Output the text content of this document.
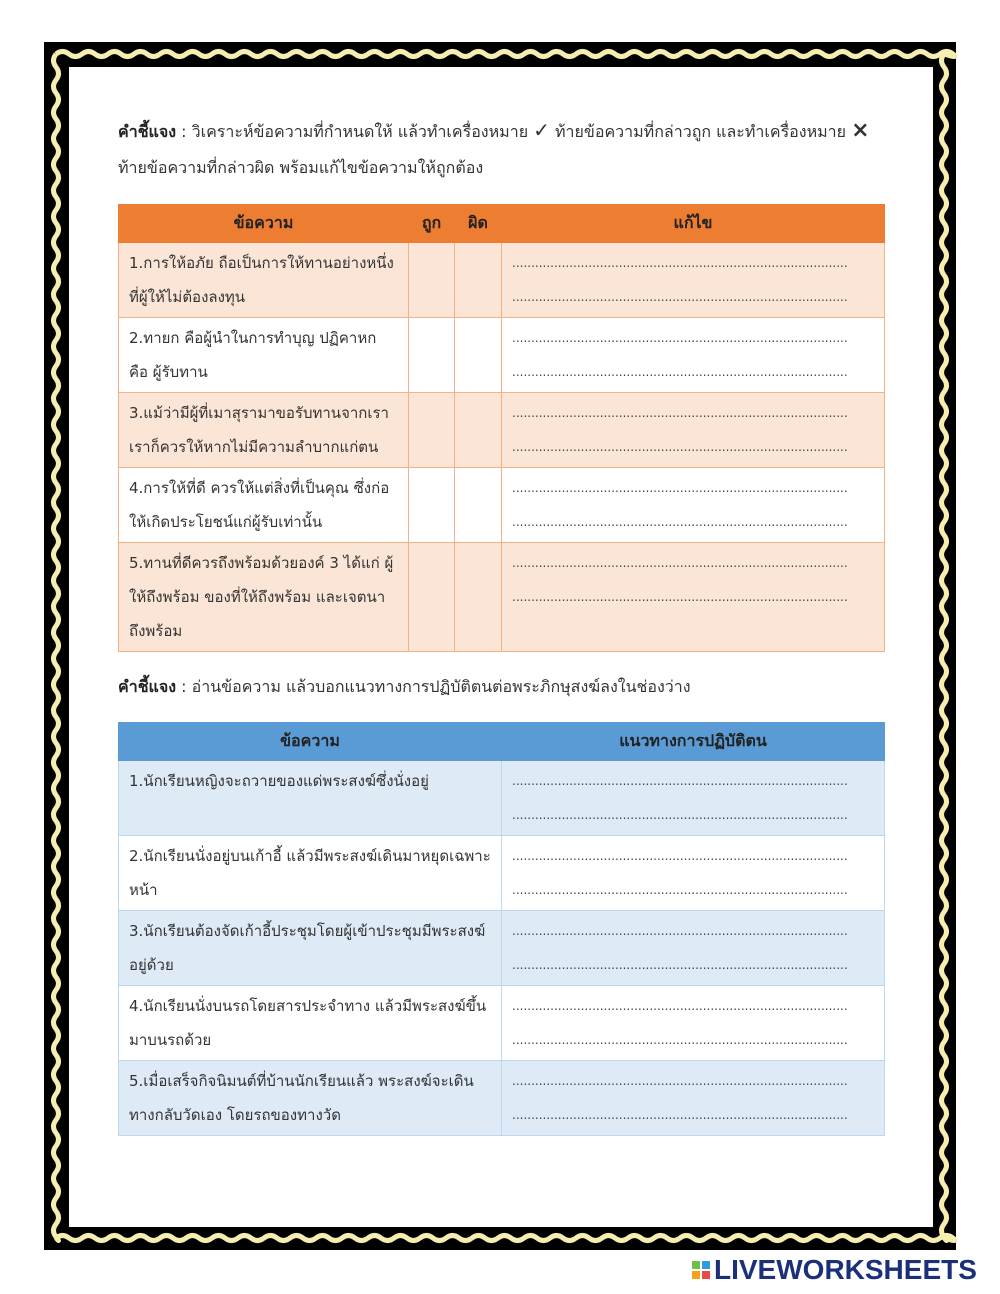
คำชี้แจง : วิเคราะห์ข้อความที่กำหนดให้ แล้วทำเครื่องหมาย ✓ ท้ายข้อความที่กล่าวถูก และทำเครื่องหมาย ×
ท้ายข้อความที่กล่าวผิด พร้อมแก้ไขข้อความให้ถูกต้อง
ข้อความ	ถูก	ผิด	แก้ไข
1.การให้อภัย ถือเป็นการให้ทานอย่างหนึ่งที่ผู้ให้ไม่ต้องลงทุน			........................................................................................
........................................................................................

2.ทายก คือผู้นำในการทำบุญ ปฏิคาหก คือ ผู้รับทาน			........................................................................................
........................................................................................

3.แม้ว่ามีผู้ที่เมาสุรามาขอรับทานจากเรา เราก็ควรให้หากไม่มีความลำบากแก่ตน			........................................................................................
........................................................................................

4.การให้ที่ดี ควรให้แต่สิ่งที่เป็นคุณ ซึ่งก่อให้เกิดประโยชน์แก่ผู้รับเท่านั้น			........................................................................................
........................................................................................

5.ทานที่ดีควรถึงพร้อมด้วยองค์ 3 ได้แก่ ผู้ให้ถึงพร้อม ของที่ให้ถึงพร้อม และเจตนาถึงพร้อม			........................................................................................
........................................................................................
คำชี้แจง : อ่านข้อความ แล้วบอกแนวทางการปฏิบัติตนต่อพระภิกษุสงฆ์ลงในช่องว่าง
ข้อความ	แนวทางการปฏิบัติตน
1.นักเรียนหญิงจะถวายของแด่พระสงฆ์ซึ่งนั่งอยู่	........................................................................................
........................................................................................

2.นักเรียนนั่งอยู่บนเก้าอี้ แล้วมีพระสงฆ์เดินมาหยุดเฉพาะหน้า	........................................................................................
........................................................................................

3.นักเรียนต้องจัดเก้าอี้ประชุมโดยผู้เข้าประชุมมีพระสงฆ์อยู่ด้วย	........................................................................................
........................................................................................

4.นักเรียนนั่งบนรถโดยสารประจำทาง แล้วมีพระสงฆ์ขึ้นมาบนรถด้วย	........................................................................................
........................................................................................

5.เมื่อเสร็จกิจนิมนต์ที่บ้านนักเรียนแล้ว พระสงฆ์จะเดินทางกลับวัดเอง โดยรถของทางวัด	........................................................................................
........................................................................................
LIVEWORKSHEETS
